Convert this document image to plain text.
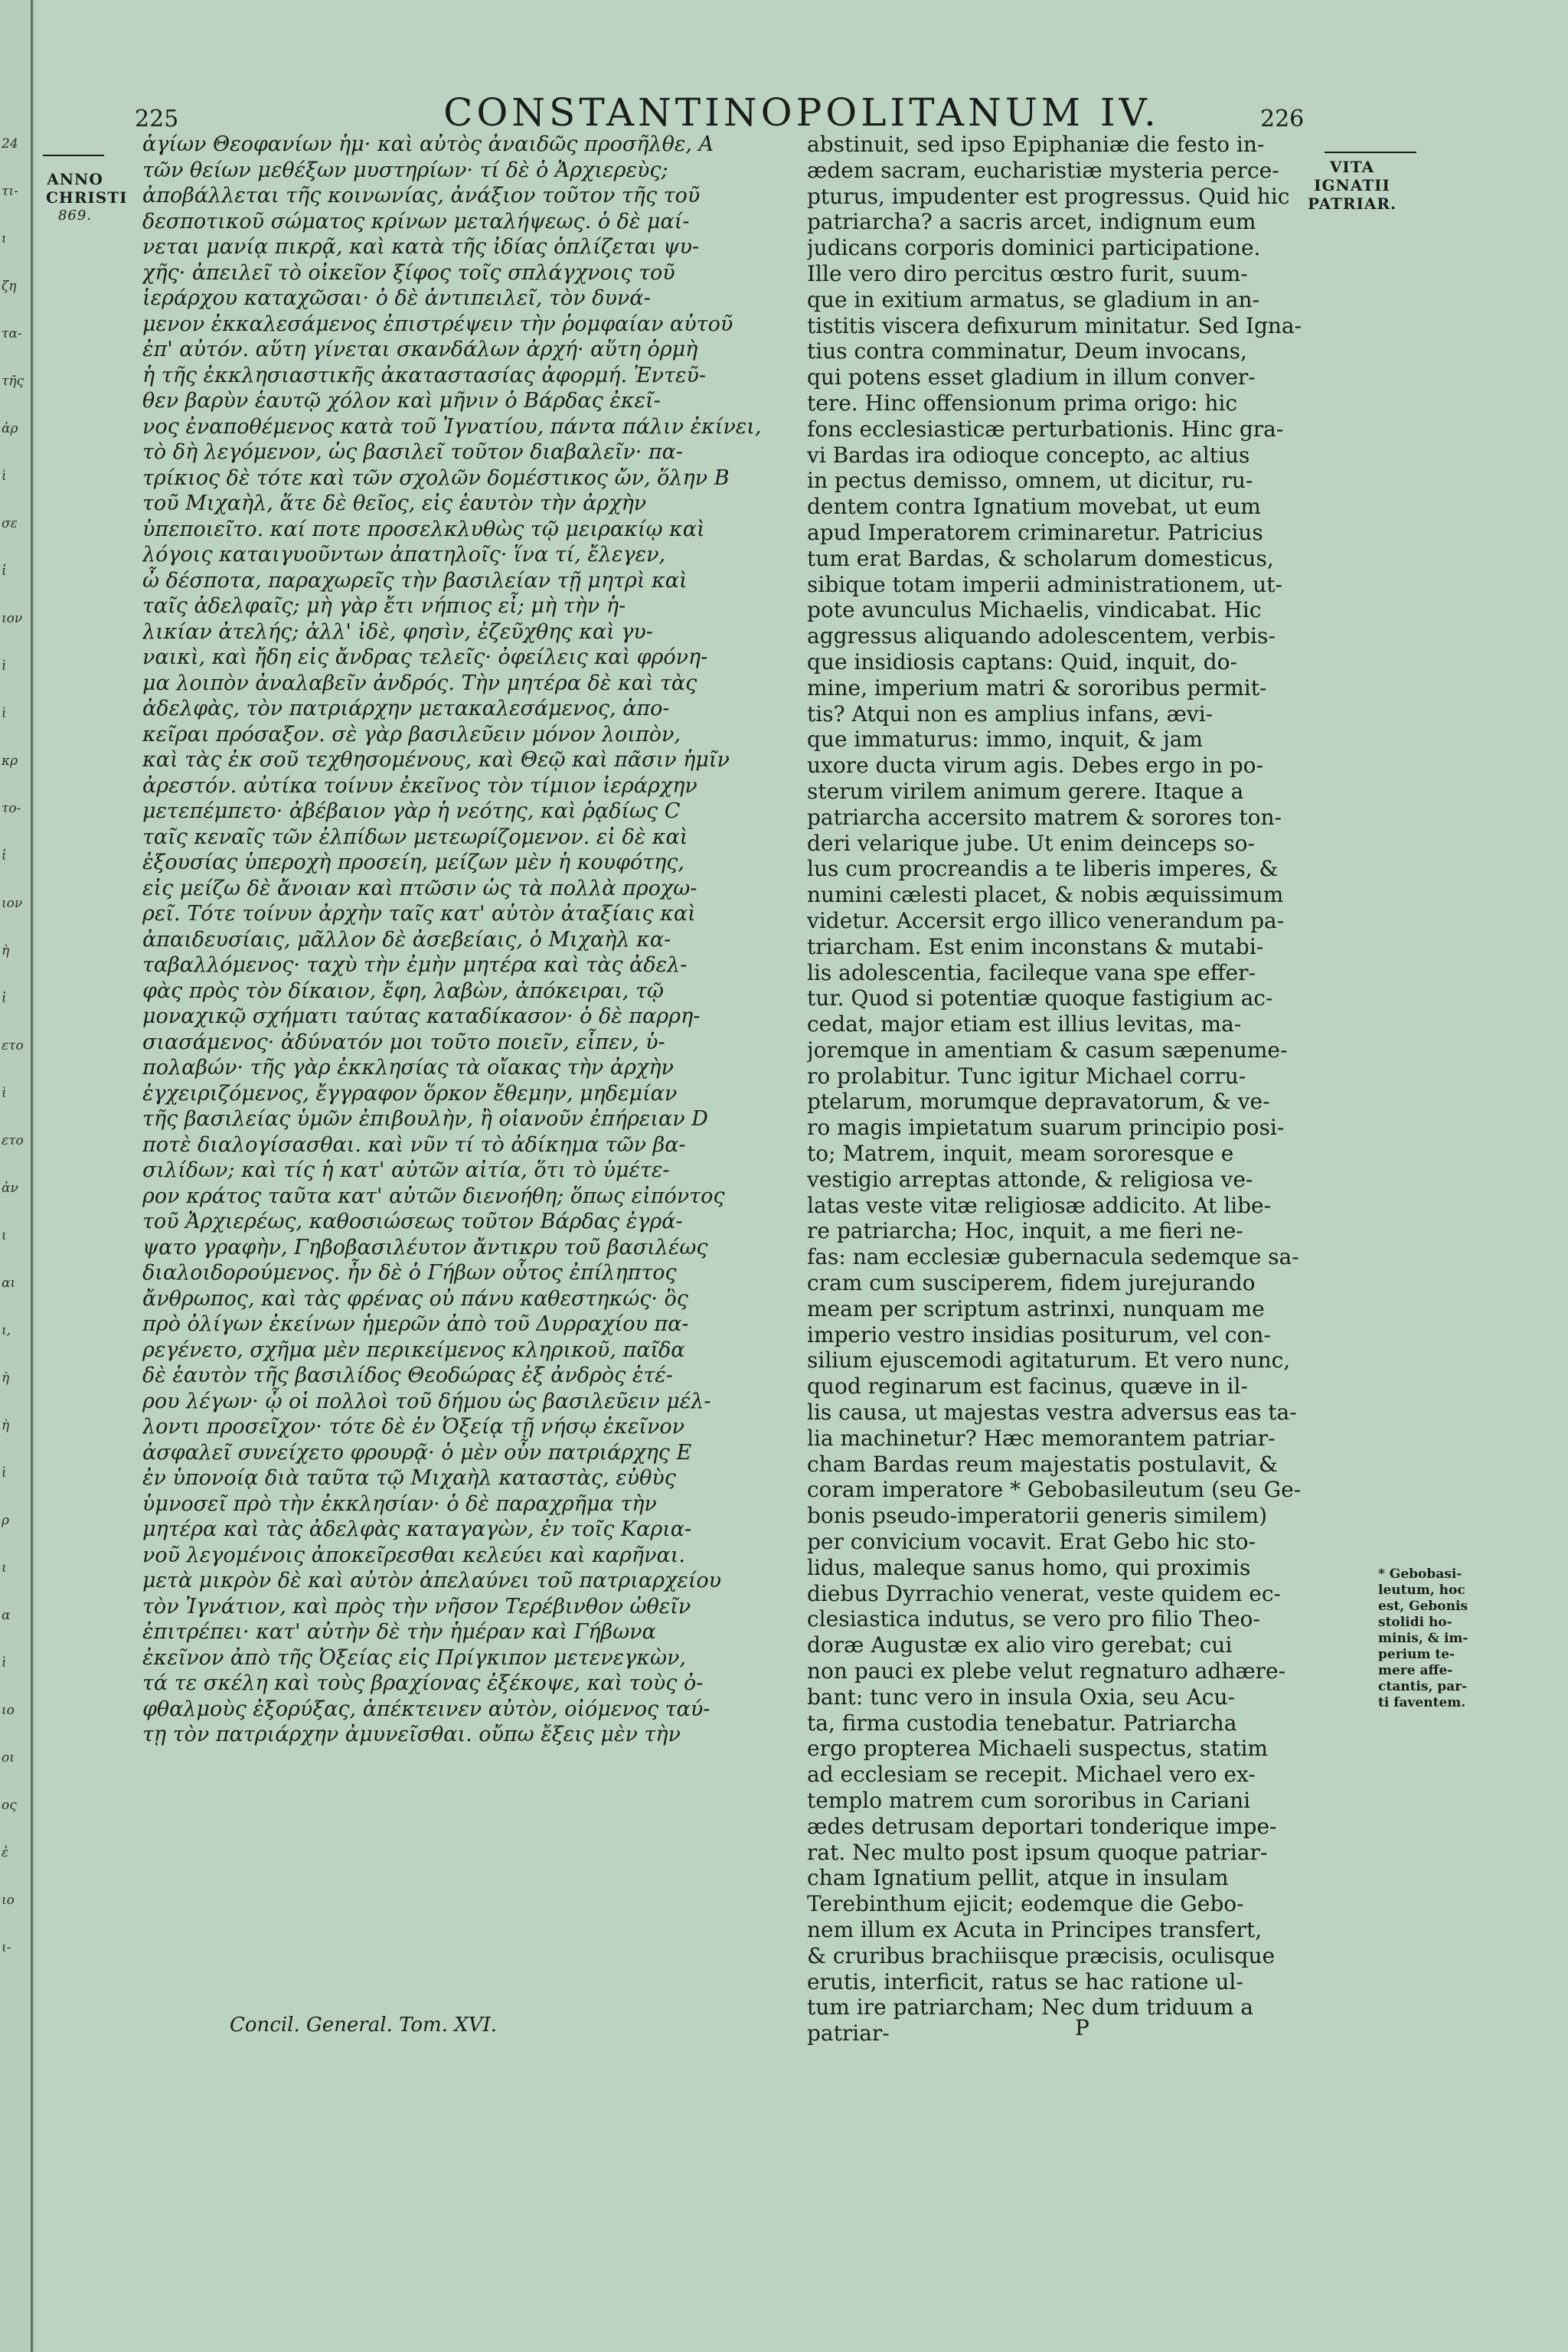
24
τι-
ι
ζη
τα-
τῆς
ἀρ
ὶ
σε
ἰ
ιον
ὶ
ὶ
κρ
το-
ἰ
ιον
ὴ
ἰ
ετο
ὶ
ετο
ἀν
ι
αι
ι,
ὴ
ὴ
ὶ
ρ
ι
α
ὶ
ιο
οι
ος
ἐ
ιο
ι-
225	CONSTANTINOPOLITANUM IV.	226
ANNO
CHRISTI
869.
VITA
IGNATII
PATRIAR.
ἁγίων Θεοφανίων ἡμ· καὶ αὐτὸς ἀναιδῶς προσῆλθε, A
τῶν θείων μεθέξων μυστηρίων· τί δὲ ὁ Ἀρχιερεὺς;
ἀποβάλλεται τῆς κοινωνίας, ἀνάξιον τοῦτον τῆς τοῦ
δεσποτικοῦ σώματος κρίνων μεταλήψεως. ὁ δὲ μαί-
νεται μανίᾳ πικρᾷ, καὶ κατὰ τῆς ἰδίας ὁπλίζεται ψυ-
χῆς· ἀπειλεῖ τὸ οἰκεῖον ξίφος τοῖς σπλάγχνοις τοῦ
ἱεράρχου καταχῶσαι· ὁ δὲ ἀντιπειλεῖ, τὸν δυνά-
μενον ἐκκαλεσάμενος ἐπιστρέψειν τὴν ῥομφαίαν αὐτοῦ
ἐπ' αὐτόν. αὕτη γίνεται σκανδάλων ἀρχή· αὕτη ὁρμὴ
ἡ τῆς ἐκκλησιαστικῆς ἀκαταστασίας ἀφορμή. Ἐντεῦ-
θεν βαρὺν ἑαυτῷ χόλον καὶ μῆνιν ὁ Βάρδας ἐκεῖ-
νος ἐναποθέμενος κατὰ τοῦ Ἰγνατίου, πάντα πάλιν ἐκίνει,
τὸ δὴ λεγόμενον, ὡς βασιλεῖ τοῦτον διαβαλεῖν· πα-
τρίκιος δὲ τότε καὶ τῶν σχολῶν δομέστικος ὤν, ὅλην B
τοῦ Μιχαὴλ, ἅτε δὲ θεῖος, εἰς ἑαυτὸν τὴν ἀρχὴν
ὑπεποιεῖτο. καί ποτε προσελκλυθὼς τῷ μειρακίῳ καὶ
λόγοις καταιγυοῦντων ἀπατηλοῖς· ἵνα τί, ἔλεγεν,
ὦ δέσποτα, παραχωρεῖς τὴν βασιλείαν τῇ μητρὶ καὶ
ταῖς ἀδελφαῖς; μὴ γὰρ ἔτι νήπιος εἶ; μὴ τὴν ἡ-
λικίαν ἀτελής; ἀλλ' ἰδὲ, φησὶν, ἐζεῦχθης καὶ γυ-
ναικὶ, καὶ ἤδη εἰς ἄνδρας τελεῖς· ὀφείλεις καὶ φρόνη-
μα λοιπὸν ἀναλαβεῖν ἀνδρός. Τὴν μητέρα δὲ καὶ τὰς
ἀδελφὰς, τὸν πατριάρχην μετακαλεσάμενος, ἀπο-
κεῖραι πρόσαξον. σὲ γὰρ βασιλεῦειν μόνον λοιπὸν,
καὶ τὰς ἐκ σοῦ τεχθησομένους, καὶ Θεῷ καὶ πᾶσιν ἡμῖν
ἀρεστόν. αὐτίκα τοίνυν ἐκεῖνος τὸν τίμιον ἱεράρχην
μετεπέμπετο· ἀβέβαιον γὰρ ἡ νεότης, καὶ ῥᾳδίως C
ταῖς κεναῖς τῶν ἐλπίδων μετεωρίζομενον. εἰ δὲ καὶ
ἐξουσίας ὑπεροχὴ προσείη, μείζων μὲν ἡ κουφότης,
εἰς μείζω δὲ ἄνοιαν καὶ πτῶσιν ὡς τὰ πολλὰ προχω-
ρεῖ. Τότε τοίνυν ἀρχὴν ταῖς κατ' αὐτὸν ἀταξίαις καὶ
ἀπαιδευσίαις, μᾶλλον δὲ ἀσεβείαις, ὁ Μιχαὴλ κα-
ταβαλλόμενος· ταχὺ τὴν ἐμὴν μητέρα καὶ τὰς ἀδελ-
φὰς πρὸς τὸν δίκαιον, ἔφη, λαβὼν, ἀπόκειραι, τῷ
μοναχικῷ σχήματι ταύτας καταδίκασον· ὁ δὲ παρρη-
σιασάμενος· ἀδύνατόν μοι τοῦτο ποιεῖν, εἶπεν, ὑ-
πολαβών· τῆς γὰρ ἐκκλησίας τὰ οἴακας τὴν ἀρχὴν
ἐγχειριζόμενος, ἔγγραφον ὅρκον ἔθεμην, μηδεμίαν
τῆς βασιλείας ὑμῶν ἐπιβουλὴν, ἢ οἱανοῦν ἐπήρειαν D
ποτὲ διαλογίσασθαι. καὶ νῦν τί τὸ ἀδίκημα τῶν βα-
σιλίδων; καὶ τίς ἡ κατ' αὐτῶν αἰτία, ὅτι τὸ ὑμέτε-
ρον κράτος ταῦτα κατ' αὐτῶν διενοήθη; ὅπως εἰπόντος
τοῦ Ἀρχιερέως, καθοσιώσεως τοῦτον Βάρδας ἐγρά-
ψατο γραφὴν, Γηβοβασιλέυτον ἄντικρυ τοῦ βασιλέως
διαλοιδορούμενος. ἦν δὲ ὁ Γήβων οὗτος ἐπίληπτος
ἄνθρωπος, καὶ τὰς φρένας οὐ πάνυ καθεστηκώς· ὃς
πρὸ ὀλίγων ἐκείνων ἡμερῶν ἀπὸ τοῦ Δυρραχίου πα-
ρεγένετο, σχῆμα μὲν περικείμενος κληρικοῦ, παῖδα
δὲ ἑαυτὸν τῆς βασιλίδος Θεοδώρας ἐξ ἀνδρὸς ἑτέ-
ρου λέγων· ᾧ οἱ πολλοὶ τοῦ δήμου ὡς βασιλεῦειν μέλ-
λοντι προσεῖχον· τότε δὲ ἐν Ὀξείᾳ τῇ νήσῳ ἐκεῖνον
ἀσφαλεῖ συνείχετο φρουρᾷ· ὁ μὲν οὖν πατριάρχης E
ἐν ὑπονοίᾳ διὰ ταῦτα τῷ Μιχαὴλ καταστὰς, εὐθὺς
ὑμνοσεῖ πρὸ τὴν ἐκκλησίαν· ὁ δὲ παραχρῆμα τὴν
μητέρα καὶ τὰς ἀδελφὰς καταγαγὼν, ἐν τοῖς Καρια-
νοῦ λεγομένοις ἀποκεῖρεσθαι κελεύει καὶ καρῆναι.
μετὰ μικρὸν δὲ καὶ αὐτὸν ἀπελαύνει τοῦ πατριαρχείου
τὸν Ἰγνάτιον, καὶ πρὸς τὴν νῆσον Τερέβινθον ὠθεῖν
ἐπιτρέπει· κατ' αὐτὴν δὲ τὴν ἡμέραν καὶ Γήβωνα
ἐκεῖνον ἀπὸ τῆς Ὀξείας εἰς Πρίγκιπον μετενεγκὼν,
τά τε σκέλη καὶ τοὺς βραχίονας ἐξέκοψε, καὶ τοὺς ὀ-
φθαλμοὺς ἐξορύξας, ἀπέκτεινεν αὐτὸν, οἰόμενος ταύ-
τῃ τὸν πατριάρχην ἀμυνεῖσθαι. οὔπω ἔξεις μὲν τὴν
abstinuit, sed ipso Epiphaniæ die festo in-
ædem sacram, eucharistiæ mysteria perce-
pturus, impudenter est progressus. Quid hic
patriarcha? a sacris arcet, indignum eum
judicans corporis dominici participatione.
Ille vero diro percitus œstro furit, suum-
que in exitium armatus, se gladium in an-
tistitis viscera defixurum minitatur. Sed Igna-
tius contra comminatur, Deum invocans,
qui potens esset gladium in illum conver-
tere. Hinc offensionum prima origo: hic
fons ecclesiasticæ perturbationis. Hinc gra-
vi Bardas ira odioque concepto, ac altius
in pectus demisso, omnem, ut dicitur, ru-
dentem contra Ignatium movebat, ut eum
apud Imperatorem criminaretur. Patricius
tum erat Bardas, & scholarum domesticus,
sibique totam imperii administrationem, ut-
pote avunculus Michaelis, vindicabat. Hic
aggressus aliquando adolescentem, verbis-
que insidiosis captans: Quid, inquit, do-
mine, imperium matri & sororibus permit-
tis? Atqui non es amplius infans, ævi-
que immaturus: immo, inquit, & jam
uxore ducta virum agis. Debes ergo in po-
sterum virilem animum gerere. Itaque a
patriarcha accersito matrem & sorores ton-
deri velarique jube. Ut enim deinceps so-
lus cum procreandis a te liberis imperes, &
numini cælesti placet, & nobis æquissimum
videtur. Accersit ergo illico venerandum pa-
triarcham. Est enim inconstans & mutabi-
lis adolescentia, facileque vana spe effer-
tur. Quod si potentiæ quoque fastigium ac-
cedat, major etiam est illius levitas, ma-
joremque in amentiam & casum sæpenume-
ro prolabitur. Tunc igitur Michael corru-
ptelarum, morumque depravatorum, & ve-
ro magis impietatum suarum principio posi-
to; Matrem, inquit, meam sororesque e
vestigio arreptas attonde, & religiosa ve-
latas veste vitæ religiosæ addicito. At libe-
re patriarcha; Hoc, inquit, a me fieri ne-
fas: nam ecclesiæ gubernacula sedemque sa-
cram cum susciperem, fidem jurejurando
meam per scriptum astrinxi, nunquam me
imperio vestro insidias positurum, vel con-
silium ejuscemodi agitaturum. Et vero nunc,
quod reginarum est facinus, quæve in il-
lis causa, ut majestas vestra adversus eas ta-
lia machinetur? Hæc memorantem patriar-
cham Bardas reum majestatis postulavit, &
coram imperatore * Gebobasileutum (seu Ge-
bonis pseudo-imperatorii generis similem)
per convicium vocavit. Erat Gebo hic sto-
lidus, maleque sanus homo, qui proximis
diebus Dyrrachio venerat, veste quidem ec-
clesiastica indutus, se vero pro filio Theo-
doræ Augustæ ex alio viro gerebat; cui
non pauci ex plebe velut regnaturo adhære-
bant: tunc vero in insula Oxia, seu Acu-
ta, firma custodia tenebatur. Patriarcha
ergo propterea Michaeli suspectus, statim
ad ecclesiam se recepit. Michael vero ex-
templo matrem cum sororibus in Cariani
ædes detrusam deportari tonderique impe-
rat. Nec multo post ipsum quoque patriar-
cham Ignatium pellit, atque in insulam
Terebinthum ejicit; eodemque die Gebo-
nem illum ex Acuta in Principes transfert,
& cruribus brachiisque præcisis, oculisque
erutis, interficit, ratus se hac ratione ul-
tum ire patriarcham; Nec dum triduum a
patriar-
* Gebobasi-
leutum, hoc
est, Gebonis
stolidi ho-
minis, & im-
perium te-
mere affe-
ctantis, par-
ti faventem.
Concil. General. Tom. XVI.	P
